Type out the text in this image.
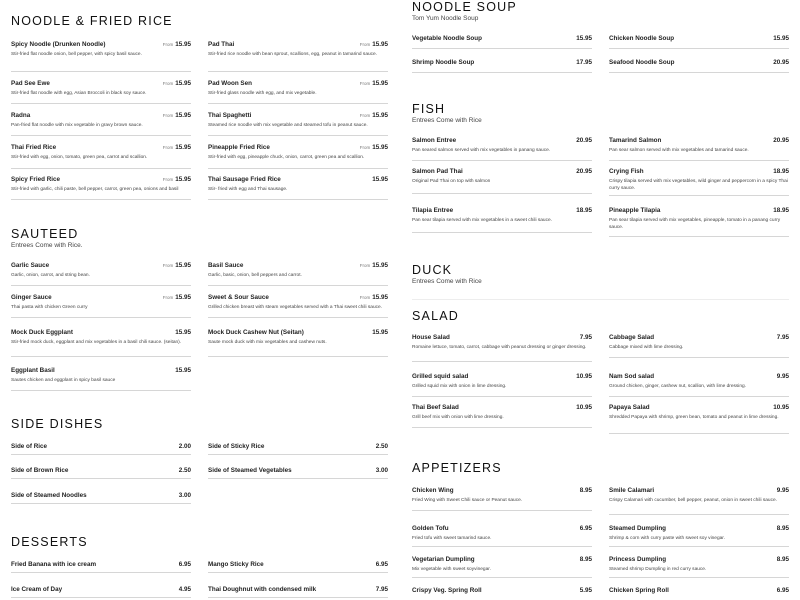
NOODLE & FRIED RICE
Spicy Noodle (Drunken Noodle)	From 15.95
Stir-fried flat noodle onion, bell pepper, with spicy basil sauce.
Pad Thai	From 15.95
Stir-fried rice noodle with bean sprout, scallions, egg, peanut in tamarind sauce.
Pad See Ewe	From 15.95
Stir-fried flat noodle with egg, Asian Broccoli in black soy sauce.
Pad Woon Sen	From 15.95
Stir-fried glass noodle with egg, and mix vegetable.
Radna	From 15.95
Pan-fried flat noodle with mix vegetable in gravy brown sauce.
Thai Spaghetti	From 15.95
Steamed rice noodle with mix vegetable and steamed tofu in peanut sauce.
Thai Fried Rice	From 15.95
Stir-fried with egg, onion, tomato, green pea, carrot and scallion.
Pineapple Fried Rice	From 15.95
Stir-fried with egg, pineapple chuck, onion, carrot, green pea and scallion.
Spicy Fried Rice	From 15.95
Stir-fried with garlic, chili paste, bell pepper, carrot, green pea, onions and basil
Thai Sausage Fried Rice	15.95
Stir- fried with egg and Thai sausage.
SAUTEED
Entrees Come with Rice.
Garlic Sauce	From 15.95
Garlic, onion, carrot, and string bean.
Basil Sauce	From 15.95
Garlic, basic, onion, bell peppers and carrot.
Ginger Sauce	From 15.95
Thai pasta with chicken Green curry
Sweet & Sour Sauce	From 15.95
Grilled chicken breast with steam vegetables served with a Thai sweet chili sauce.
Mock Duck Eggplant	15.95
Stir-fried mock duck, eggplant and mix vegetables in a basil chili sauce. (seitan).
Mock Duck Cashew Nut (Seitan)	15.95
Saute mock duck with mix vegetables and cashew nuts.
Eggplant Basil	15.95
Sautes chicken and eggplant in spicy basil sauce
SIDE DISHES
Side of Rice	2.00	Side of Sticky Rice	2.50
Side of Brown Rice	2.50	Side of Steamed Vegetables	3.00
Side of Steamed Noodles	3.00
DESSERTS
Fried Banana with ice cream	6.95	Mango Sticky Rice	6.95
Ice Cream of Day	4.95	Thai Doughnut with condensed milk	7.95
NOODLE SOUP
Tom Yum Noodle Soup
Vegetable Noodle Soup	15.95	Chicken Noodle Soup	15.95
Shrimp Noodle Soup	17.95	Seafood Noodle Soup	20.95
FISH
Entrees Come with Rice
Salmon Entree	20.95
Pan seared salmon served with mix vegetables in panang sauce.
Tamarind Salmon	20.95
Pan sear salmon served with mix vegetables and tamarind sauce.
Salmon Pad Thai	20.95
Original Pad Thai on top with salmon
Crying Fish	18.95
Crispy tilapia served with mix vegetables, wild ginger and peppercorn in a spicy Thai curry sauce.
Tilapia Entree	18.95
Pan sear tilapia served with mix vegetables in a sweet chili sauce.
Pineapple Tilapia	18.95
Pan sear tilapia served with mix vegetables, pineapple, tomato in a panang curry sauce.
DUCK
Entrees Come with Rice
SALAD
House Salad	7.95
Romaine lettuce, tomato, carrot, cabbage with peanut dressing or ginger dressing.
Cabbage Salad	7.95
Cabbage mixed with lime dressing.
Grilled squid salad	10.95
Grilled squid mix with onion in lime dressing.
Nam Sod salad	9.95
Ground chicken, ginger, cashew nut, scallion, with lime dressing.
Thai Beef Salad	10.95
Grill beef mix with onion with lime dressing.
Papaya Salad	10.95
Shredded Papaya with shrimp, green bean, tomato and peanut in lime dressing.
APPETIZERS
Chicken Wing	8.95
Fried Wing with Sweet Chili sauce or Peanut sauce.
Smile Calamari	9.95
Crispy Calamari with cucumber, bell pepper, peanut, onion in sweet chili sauce.
Golden Tofu	6.95
Fried tofu with sweet tamarind sauce.
Steamed Dumpling	8.95
Shrimp & corn with curry paste with sweet soy vinegar.
Vegetarian Dumpling	8.95
Mix vegetable with sweet soyvinegar.
Princess Dumpling	8.95
Steamed shrimp Dumpling in red curry sauce.
Crispy Veg. Spring Roll	5.95	Chicken Spring Roll	6.95
